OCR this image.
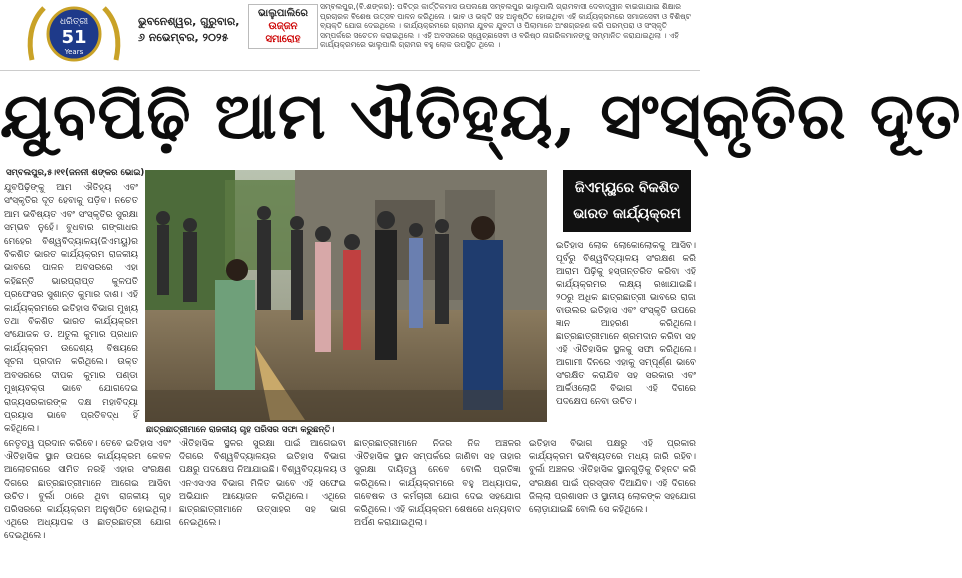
ଧରିତ୍ରୀ
51
Years
ଭୁବନେଶ୍ୱର, ଗୁରୁବାର,
୬ ନଭେମ୍ବର, ୨୦୨୫
ଭାଲୁପାଲିରେ
ଉଜ୍ଜନ
ସମାରୋହ
ସମ୍ବଲପୁର,(ବି.ଶଙ୍କର): ପବିତ୍ର କାର୍ତ୍ତିକମାସ ଉପଲକ୍ଷେ ସମ୍ବଲପୁର ଭାଲୁପାଲି ଗ୍ରାମବାସୀ ଦେବାଦ୍ୱୀନ ବାଇଗାଯାଇ ଶିକ୍ଷାର ପ୍ରଚାରକ ବିଶେଷ ଉତ୍ସବ ପାଳନ କରିଥିଲେ । ଭାବ ଓ ଭକ୍ତି ସହ ଅନୁଷ୍ଠିତ ହୋଇଥିବା ଏହି କାର୍ଯ୍ୟକ୍ରମରେ ସମାଜସେବୀ ଓ ବିଶିଷ୍ଟ ବ୍ୟକ୍ତି ଯୋଗ ଦେଇଥିଲେ । କାର୍ଯ୍ୟକ୍ରମରେ ଗ୍ରାମର ଯୁବକ ଯୁବତୀ ଓ ପିଲାମାନେ ଅଂଶଗ୍ରହଣ କରି ପରମ୍ପରା ଓ ସଂସ୍କୃତି ସମ୍ପର୍କରେ ସଚେତନ କରାଇଥିଲେ । ଏହି ଅବସରରେ ସ୍ୱେଚ୍ଛାସେବୀ ଓ ବରିଷ୍ଠ ନାଗରିକମାନଙ୍କୁ ସମ୍ମାନିତ କରାଯାଇଥିଲା । ଏହି କାର୍ଯ୍ୟକ୍ରମରେ ଭାଲୁପାଲି ଗ୍ରାମର ବହୁ ଲୋକ ଉପସ୍ଥିତ ଥିଲେ ।
ଯୁବପିଢ଼ି ଆମ ଐତିହ୍ୟ, ସଂସ୍କୃତିର ଦୂତ
ସମ୍ବଲପୁର,୫।୧୧(ଜନନୀ ଶଙ୍କର ଭୋଇ)
ଯୁବପିଢ଼ିଙ୍କୁ ଆମ ଐତିହ୍ୟ ଏବଂ ସଂସ୍କୃତିର ଦୂତ ହେବାକୁ ପଡ଼ିବ। ନଚେତ ଆମ ଭବିଷ୍ୟତ ଏବଂ ସଂସ୍କୃତିର ସୁରକ୍ଷା ସମ୍ଭବ ନୁହେଁ। ବୁଧବାର ଗଙ୍ଗାଧର ମେହେର ବିଶ୍ୱବିଦ୍ୟାଳୟ(ଜିଏମୟୁ)ର ବିକଶିତ ଭାରତ କାର୍ଯ୍ୟକ୍ରମ ରାଜକୀୟ ଭାବରେ ପାଳନ ଅବସରରେ ଏହା କହିଛନ୍ତି ଭାରପ୍ରାପ୍ତ କୁଳପତି ପ୍ରଫେସର ସୁଶାନ୍ତ କୁମାର ଦାଶ। ଏହି କାର୍ଯ୍ୟକ୍ରମରେ ଇତିହାସ ବିଭାଗ ମୁଖ୍ୟ ତଥା ବିକଶିତ ଭାରତ କାର୍ଯ୍ୟକ୍ରମ ସଂଯୋଜକ ଡ. ଅତୁଲ କୁମାର ପ୍ରଧାନ କାର୍ଯ୍ୟକ୍ରମ ଉଦ୍ଦେଶ୍ୟ ବିଷୟରେ ସୂଚନା ପ୍ରଦାନ କରିଥିଲେ। ଉକ୍ତ ଅବସରରେ ଦୀପକ କୁମାର ପଣ୍ଡା ମୁଖ୍ୟବକ୍ତା ଭାବେ ଯୋଗଦେଇ ରାଜ୍ୟସରକାରଙ୍କ ଦକ୍ଷ ମହାବିଦ୍ୟା ପ୍ରୟାସ ଭାବେ ପ୍ରତିବଦ୍ଧ ହିଁ କହିଥିଲେ।
ଜିଏମ୍‌ୟୁରେ ବିକଶିତ
ଭାରତ କାର୍ଯ୍ୟକ୍ରମ
ଇତିହାସ ଲୋକ ଲୋକୋଲୋକକୁ ଆସିବ। ପୂର୍ବରୁ ବିଶ୍ୱବିଦ୍ୟାଳୟ ସଂରକ୍ଷଣ କରି ଆରାମ ପିଢ଼ିକୁ ହସ୍ତାନ୍ତରିତ କରିବା ଏହି କାର୍ଯ୍ୟକ୍ରମର ଲକ୍ଷ୍ୟ ରଖାଯାଇଛି। ୨୦ରୁ ଅଧିକ ଛାତ୍ରଛାତ୍ରୀ ଭାବରେ ରାଜା ବାଉଲର ଇତିହାସ ଏବଂ ସଂସ୍କୃତି ଉପରେ ଜ୍ଞାନ ଆହରଣ କରିଥିଲେ। ଛାତ୍ରଛାତ୍ରୀମାନେ ଶ୍ରମଦାନ କରିବା ସହ ଏହି ଐତିହାସିକ ସ୍ଥଳକୁ ସଫା କରିଥିଲେ। ଆଗାମୀ ଦିନରେ ଏହାକୁ ସମ୍ପୂର୍ଣ୍ଣ ଭାବେ ସଂରକ୍ଷିତ କରାଯିବ ସହ ସରକାର ଏବଂ ଆର୍କିଓଲୋଜି ବିଭାଗ ଏହି ଦିଗରେ ପଦକ୍ଷେପ ନେବା ଉଚିତ।
ଛାତ୍ରଛାତ୍ରୀମାନେ ରାଜକୀୟ ଗୃହ ପରିସର ସଫା କରୁଛନ୍ତି।
ନେତୃତ୍ୱ ପ୍ରଦାନ କରିବେ। ତେବେ ଇତିହାସ ଏବଂ ଐତିହାସିକ ସ୍ଥାନ ଉପରେ କାର୍ଯ୍ୟକ୍ରମ କେବଳ ଆଲୋଚନାରେ ସୀମିତ ନରହି ଏହାର ସଂରକ୍ଷଣ ଦିଗରେ ଛାତ୍ରଛାତ୍ରୀମାନେ ଆଗେଇ ଆସିବା ଉଚିତ। ବୁର୍ଲା ଠାରେ ଥିବା ରାଜକୀୟ ଗୃହ ପରିସରରେ କାର୍ଯ୍ୟକ୍ରମ ଅନୁଷ୍ଠିତ ହୋଇଥିଲା। ଏଥିରେ ଅଧ୍ୟାପକ ଓ ଛାତ୍ରଛାତ୍ରୀ ଯୋଗ ଦେଇଥିଲେ।
ଐତିହାସିକ ସ୍ଥଳର ସୁରକ୍ଷା ପାଇଁ ଆଗେଇବା ଦିଗରେ ବିଶ୍ୱବିଦ୍ୟାଳୟର ଇତିହାସ ବିଭାଗ ପକ୍ଷରୁ ପଦକ୍ଷେପ ନିଆଯାଇଛି। ବିଶ୍ୱବିଦ୍ୟାଳୟ ଓ ଏନଏସଏସ ବିଭାଗ ମିଳିତ ଭାବେ ଏହି ସଫେଇ ଅଭିଯାନ ଆୟୋଜନ କରିଥିଲେ। ଏଥିରେ ଛାତ୍ରଛାତ୍ରୀମାନେ ଉତ୍ସାହର ସହ ଭାଗ ନେଇଥିଲେ।
ଛାତ୍ରଛାତ୍ରୀମାନେ ନିଜର ନିଜ ଅଞ୍ଚଳର ଐତିହାସିକ ସ୍ଥାନ ସମ୍ପର୍କରେ ଜାଣିବା ସହ ତାହାର ସୁରକ୍ଷା ଦାୟିତ୍ୱ ନେବେ ବୋଲି ପ୍ରତିଜ୍ଞା କରିଥିଲେ। କାର୍ଯ୍ୟକ୍ରମରେ ବହୁ ଅଧ୍ୟାପକ, ଗବେଷକ ଓ କର୍ମଚାରୀ ଯୋଗ ଦେଇ ସହଯୋଗ କରିଥିଲେ। ଏହି କାର୍ଯ୍ୟକ୍ରମ ଶେଷରେ ଧନ୍ୟବାଦ ଅର୍ପଣ କରାଯାଇଥିଲା।
ଇତିହାସ ବିଭାଗ ପକ୍ଷରୁ ଏହି ପ୍ରକାର କାର୍ଯ୍ୟକ୍ରମ ଭବିଷ୍ୟତରେ ମଧ୍ୟ ଜାରି ରହିବ। ବୁର୍ଲା ଅଞ୍ଚଳର ଐତିହାସିକ ସ୍ଥାନଗୁଡ଼ିକୁ ଚିହ୍ନଟ କରି ସଂରକ୍ଷଣ ପାଇଁ ପ୍ରସ୍ତାବ ଦିଆଯିବ। ଏହି ଦିଗରେ ଜିଲ୍ଲା ପ୍ରଶାସନ ଓ ସ୍ଥାନୀୟ ଲୋକଙ୍କ ସହଯୋଗ ଲୋଡ଼ାଯାଇଛି ବୋଲି ସେ କହିଥିଲେ।
